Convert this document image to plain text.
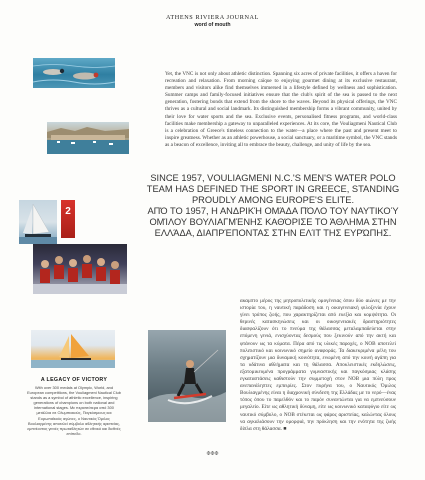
ATHENS RIVIERA JOURNAL
word of mouth
2
Yet, the VNC is not only about athletic distinction. Spanning six acres of private facilities, it offers a haven for recreation and relaxation. From morning caïque to enjoying gourmet dining at its exclusive restaurant, members and visitors alike find themselves immersed in a lifestyle defined by wellness and sophistication. Summer camps and family-focused initiatives ensure that the club's spirit of the sea is passed to the next generation, fostering bonds that extend from the shore to the waves. Beyond its physical offerings, the VNC thrives as a cultural and social landmark. Its distinguished membership forms a vibrant community, united by their love for water sports and the sea. Exclusive events, personalised fitness programs, and world-class facilities make membership a gateway to unparalleled experiences. At its core, the Vouliagmeni Nautical Club is a celebration of Greece's timeless connection to the water—a place where the past and present meet to inspire greatness. Whether as an athletic powerhouse, a social sanctuary, or a maritime symbol, the VNC stands as a beacon of excellence, inviting all to embrace the beauty, challenge, and unity of life by the sea.

SINCE 1957, VOULIAGMENI N.C.'S MEN'S WATER POLO TEAM HAS DEFINED THE SPORT IN GREECE, STANDING PROUDLY AMONG EUROPE'S ELITE.

ΑΠΌ ΤΟ 1957, Η ΑΝΔΡΙΚΉ ΟΜΆΔΑ ΠΌΛΟ ΤΟΥ ΝΑΥΤΙΚΟΎ ΟΜΊΛΟΥ ΒΟΥΛΙΑΓΜΈΝΗΣ ΚΑΘΌΡΙΣΕ ΤΟ ΆΘΛΗΜΑ ΣΤΗΝ ΕΛΛΆΔΑ, ΔΙΑΠΡΈΠΟΝΤΑΣ ΣΤΗΝ ΕΛΊΤ ΤΗΣ ΕΥΡΏΠΗΣ.

ακαμπτο μέρος της μητροπολιτικής ομογένειας όπου δύο αιώνες με την ιστορία του, η ναυτική παράδοση και η οικογενειακή φιλοξενία έχουν γίνει τρόπος ζωής, που χαρακτηρίζεται από ευεξία και κομψότητα. Οι θερινές κατασκηνώσεις και οι οικογενειακές δραστηριότητες διασφαλίζουν ότι το πνεύμα της θάλασσας μεταλαμπαδεύεται στην επόμενη γενιά, ενισχύοντας δεσμούς που ξεκινούν από την ακτή και φτάνουν ως τα κύματα. Πέρα από τις υλικές παροχές, ο ΝΟΒ αποτελεί πολιτιστικό και κοινωνικό σημείο αναφοράς. Τα διακεκριμένα μέλη του σχηματίζουν μια δυναμική κοινότητα, ενωμένη από την κοινή αγάπη για τα υδάτινα αθλήματα και τη θάλασσα. Αποκλειστικές εκδηλώσεις, εξατομικευμένα προγράμματα γυμναστικής και παγκόσμιας κλάσης εγκαταστάσεις καθιστούν την συμμετοχή στον ΝΟΒ μια πύλη προς ανεπανάληπτες εμπειρίες. Στον πυρήνα του, ο Ναυτικός Όμιλος Βουλιαγμένης είναι η διαχρονική σύνδεση της Ελλάδας με το νερό—ένας τόπος όπου το παρελθόν και το παρόν συναντώνται για να εμπνεύσουν μεγαλείο. Είτε ως αθλητική δύναμη, είτε ως κοινωνικό καταφύγιο είτε ως ναυτικό σύμβολο, ο ΝΟΒ στέκεται ως φάρος αριστείας, καλώντας όλους να αγκαλιάσουν την ομορφιά, την πρόκληση και την ενότητα της ζωής δίπλα στη θάλασσα. ■
A LEGACY OF VICTORY
With over 300 medals at Olympic, World, and European competitions, the Vouliagmeni Nautical Club stands as a symbol of athletic excellence, inspiring generations of champions on both national and international stages. Με περισσότερα από 300 μετάλλια σε Ολυμπιακούς, Παγκόσμιους και Ευρωπαϊκούς αγώνες, ο Ναυτικός Όμιλος Βουλιαγμένης αποτελεί σύμβολο αθλητικής αριστείας, εμπνέοντας γενιές πρωταθλητών σε εθνικό και διεθνές επίπεδο.
ΦΦΦ
